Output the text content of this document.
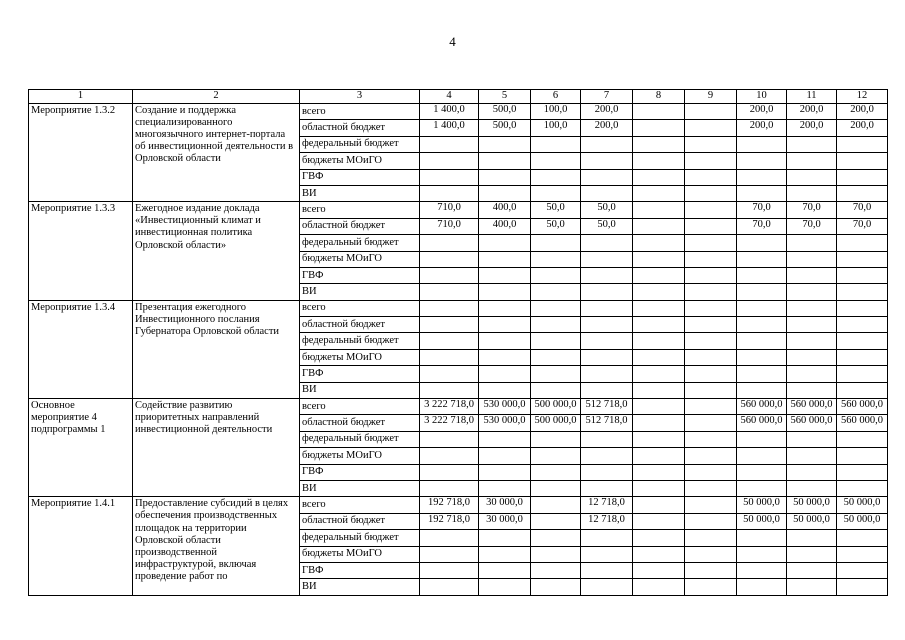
4
1	2	3	4	5	6	7	8	9	10	11	12
Мероприятие 1.3.2	Создание и поддержка специализированного многоязычного интернет-портала об инвестиционной деятельности в Орловской области	всего	1 400,0	500,0	100,0	200,0			200,0	200,0	200,0
		областной бюджет	1 400,0	500,0	100,0	200,0			200,0	200,0	200,0
		федеральный бюджет									
		бюджеты МОиГО									
		ГВФ									
		ВИ									
Мероприятие 1.3.3	Ежегодное издание доклада «Инвестиционный климат и инвестиционная политика Орловской области»	всего	710,0	400,0	50,0	50,0			70,0	70,0	70,0
		областной бюджет	710,0	400,0	50,0	50,0			70,0	70,0	70,0
		федеральный бюджет									
		бюджеты МОиГО									
		ГВФ									
		ВИ									
Мероприятие 1.3.4	Презентация ежегодного Инвестиционного послания Губернатора Орловской области	всего									
		областной бюджет									
		федеральный бюджет									
		бюджеты МОиГО									
		ГВФ									
		ВИ									
Основное мероприятие 4 подпрограммы 1	Содействие развитию приоритетных направлений инвестиционной деятельности	всего	3 222 718,0	530 000,0	500 000,0	512 718,0			560 000,0	560 000,0	560 000,0
		областной бюджет	3 222 718,0	530 000,0	500 000,0	512 718,0			560 000,0	560 000,0	560 000,0
		федеральный бюджет									
		бюджеты МОиГО									
		ГВФ									
		ВИ									
Мероприятие 1.4.1	Предоставление субсидий в целях обеспечения производственных площадок на территории Орловской области производственной инфраструктурой, включая проведение работ по	всего	192 718,0	30 000,0		12 718,0			50 000,0	50 000,0	50 000,0
		областной бюджет	192 718,0	30 000,0		12 718,0			50 000,0	50 000,0	50 000,0
		федеральный бюджет									
		бюджеты МОиГО									
		ГВФ									
		ВИ									
